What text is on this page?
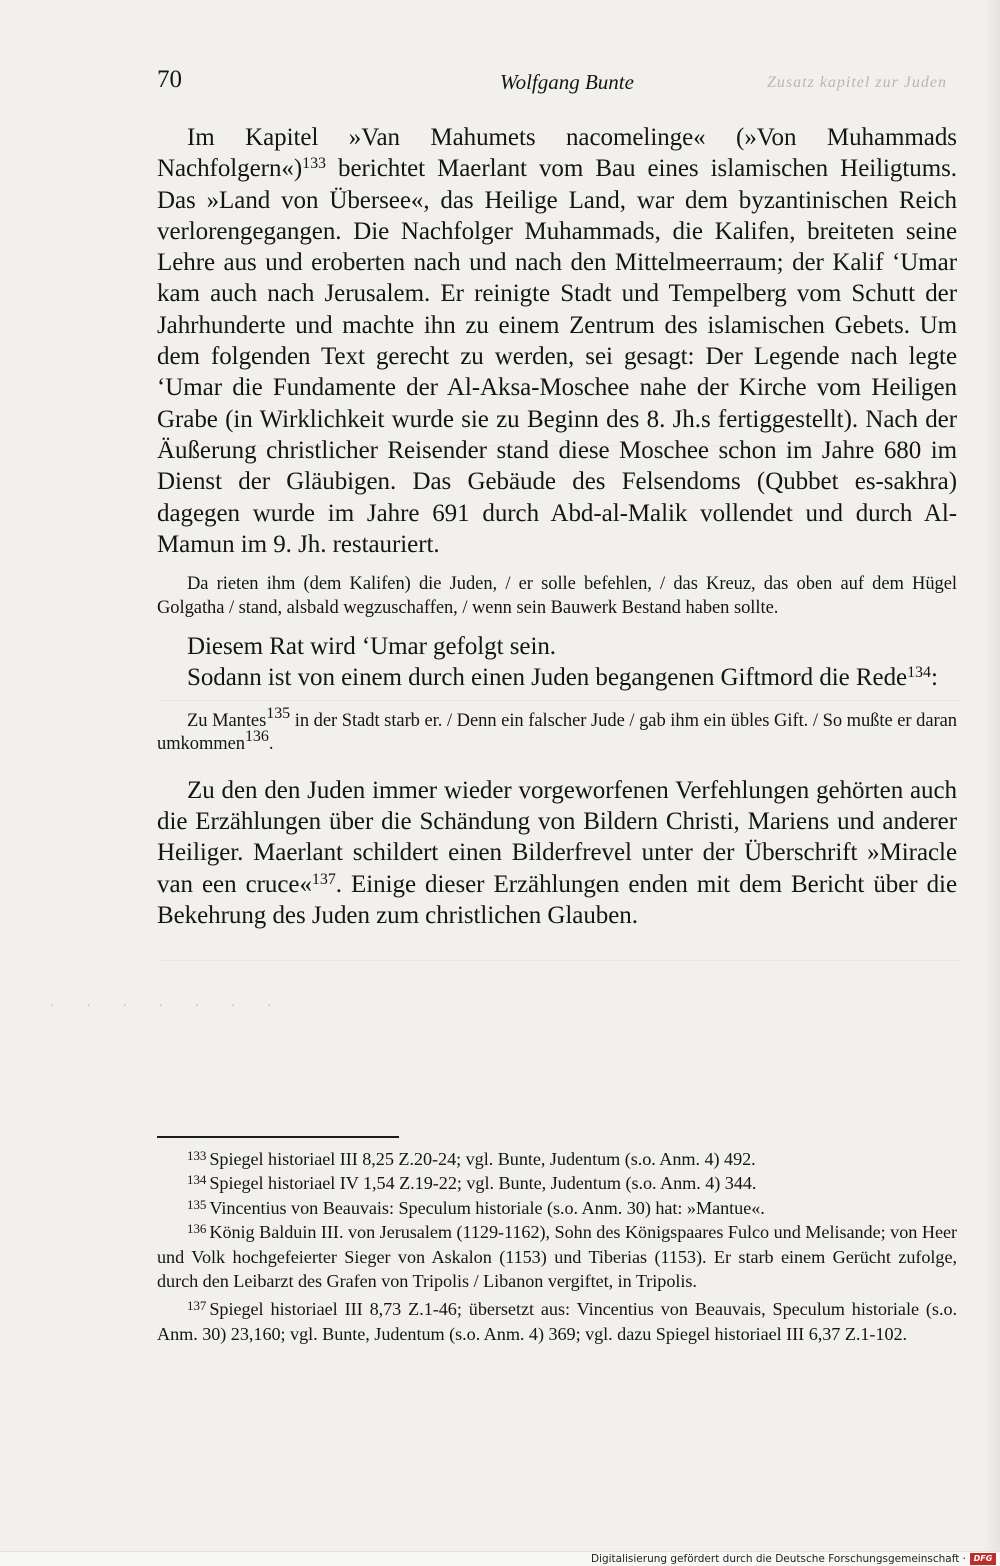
70	Wolfgang Bunte	Zusatz kapitel zur Juden

Im Kapitel »Van Mahumets nacomelinge« (»Von Muhammads Nachfolgern«)$^{133}$ berichtet Maerlant vom Bau eines islamischen Heiligtums. Das »Land von Übersee«, das Heilige Land, war dem byzantinischen Reich verlorengegangen. Die Nachfolger Muhammads, die Kalifen, breiteten seine Lehre aus und eroberten nach und nach den Mittelmeerraum; der Kalif ‘Umar kam auch nach Jerusalem. Er reinigte Stadt und Tempelberg vom Schutt der Jahrhunderte und machte ihn zu einem Zentrum des islamischen Gebets. Um dem folgenden Text gerecht zu werden, sei gesagt: Der Legende nach legte ‘Umar die Fundamente der Al-Aksa-Moschee nahe der Kirche vom Heiligen Grabe (in Wirklichkeit wurde sie zu Beginn des 8. Jh.s fertiggestellt). Nach der Äußerung christlicher Reisender stand diese Moschee schon im Jahre 680 im Dienst der Gläubigen. Das Gebäude des Felsendoms (Qubbet es-sakhra) dagegen wurde im Jahre 691 durch Abd-al-Malik vollendet und durch Al-Mamun im 9. Jh. restauriert.

Da rieten ihm (dem Kalifen) die Juden, / er solle befehlen, / das Kreuz, das oben auf dem Hügel Golgatha / stand, alsbald wegzuschaffen, / wenn sein Bauwerk Bestand haben sollte.

Diesem Rat wird ‘Umar gefolgt sein.

Sodann ist von einem durch einen Juden begangenen Giftmord die Rede$^{134}$:

Zu Mantes$^{135}$ in der Stadt starb er. / Denn ein falscher Jude / gab ihm ein übles Gift. / So mußte er daran umkommen$^{136}$.

Zu den den Juden immer wieder vorgeworfenen Verfehlungen gehörten auch die Erzählungen über die Schändung von Bildern Christi, Mariens und anderer Heiliger. Maerlant schildert einen Bilderfrevel unter der Überschrift »Miracle van een cruce«$^{137}$. Einige dieser Erzählungen enden mit dem Bericht über die Bekehrung des Juden zum christlichen Glauben.

· · · · · · ·

$^{133}$ Spiegel historiael III 8,25 Z.20-24; vgl. Bunte, Judentum (s.o. Anm. 4) 492.

$^{134}$ Spiegel historiael IV 1,54 Z.19-22; vgl. Bunte, Judentum (s.o. Anm. 4) 344.

$^{135}$ Vincentius von Beauvais: Speculum historiale (s.o. Anm. 30) hat: »Mantue«.

$^{136}$ König Balduin III. von Jerusalem (1129-1162), Sohn des Königspaares Fulco und Melisande; von Heer und Volk hochgefeierter Sieger von Askalon (1153) und Tiberias (1153). Er starb einem Gerücht zufolge, durch den Leibarzt des Grafen von Tripolis / Libanon vergiftet, in Tripolis.

$^{137}$ Spiegel historiael III 8,73 Z.1-46; übersetzt aus: Vincentius von Beauvais, Speculum historiale (s.o. Anm. 30) 23,160; vgl. Bunte, Judentum (s.o. Anm. 4) 369; vgl. dazu Spiegel historiael III 6,37 Z.1-102.

Digitalisierung gefördert durch die Deutsche Forschungsgemeinschaft · DFG
